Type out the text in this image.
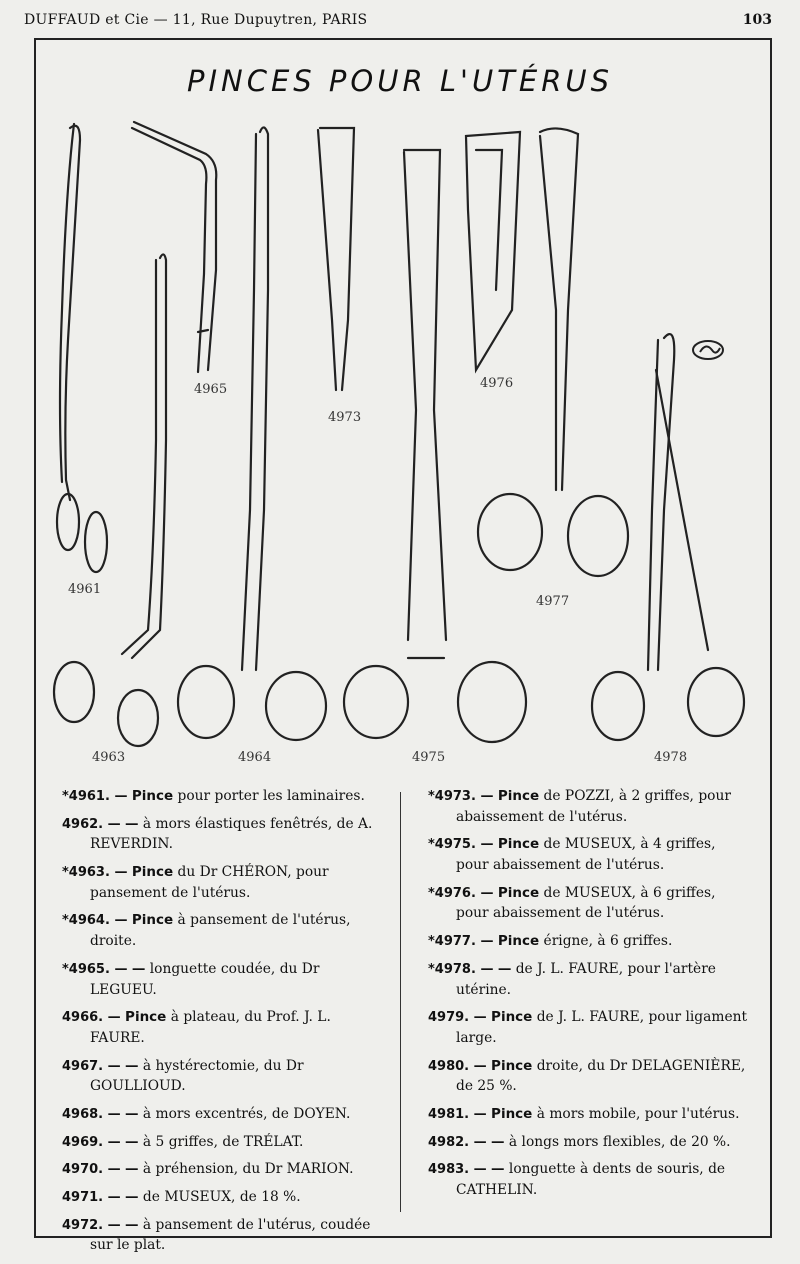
DUFFAUD et Cie — 11, Rue Dupuytren, PARIS	103
PINCES POUR L'UTÉRUS
4965
4973
4976
4961
4977
4963	4964	4975	4978
*4961. — Pince pour porter les laminaires.
4962. — — à mors élastiques fenêtrés, de A. REVERDIN.
*4963. — Pince du Dr CHÉRON, pour pansement de l'utérus.
*4964. — Pince à pansement de l'utérus, droite.
*4965. — — longuette coudée, du Dr LEGUEU.
4966. — Pince à plateau, du Prof. J. L. FAURE.
4967. — — à hystérectomie, du Dr GOULLIOUD.
4968. — — à mors excentrés, de DOYEN.
4969. — — à 5 griffes, de TRÉLAT.
4970. — — à préhension, du Dr MARION.
4971. — — de MUSEUX, de 18 %.
4972. — — à pansement de l'utérus, coudée sur le plat.
*4973. — Pince de POZZI, à 2 griffes, pour abaissement de l'utérus.
*4975. — Pince de MUSEUX, à 4 griffes, pour abaissement de l'utérus.
*4976. — Pince de MUSEUX, à 6 griffes, pour abaissement de l'utérus.
*4977. — Pince érigne, à 6 griffes.
*4978. — — de J. L. FAURE, pour l'artère utérine.
4979. — Pince de J. L. FAURE, pour ligament large.
4980. — Pince droite, du Dr DELAGENIÈRE, de 25 %.
4981. — Pince à mors mobile, pour l'utérus.
4982. — — à longs mors flexibles, de 20 %.
4983. — — longuette à dents de souris, de CATHELIN.
